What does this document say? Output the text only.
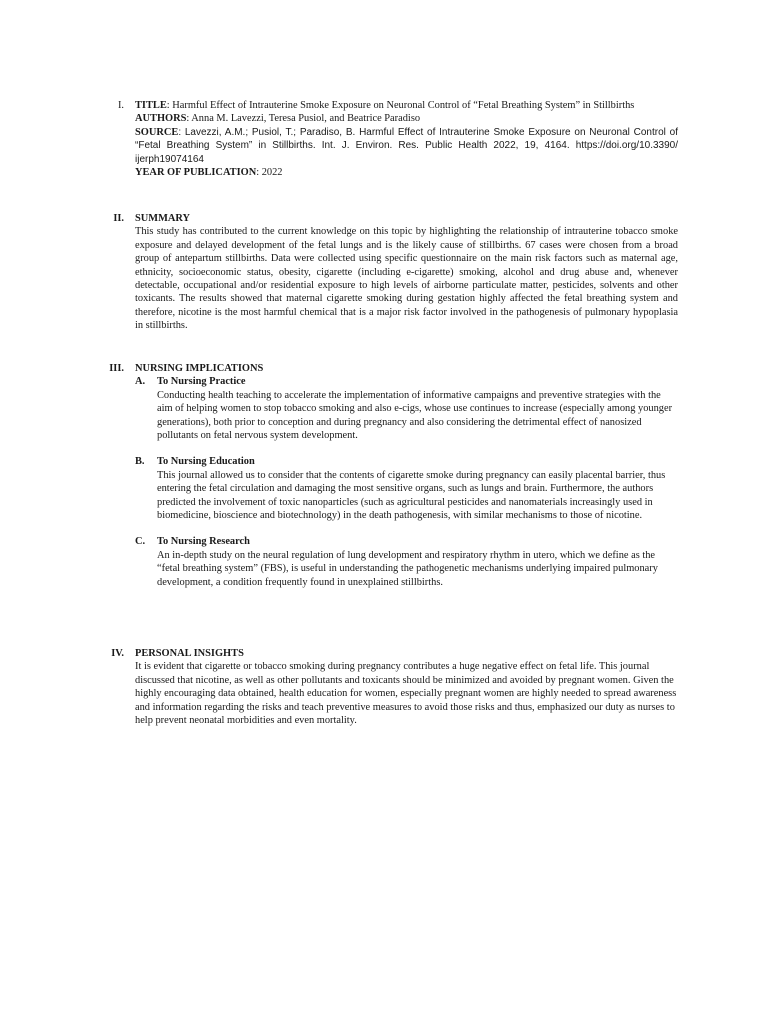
I. TITLE: Harmful Effect of Intrauterine Smoke Exposure on Neuronal Control of “Fetal Breathing System” in Stillbirths

AUTHORS: Anna M. Lavezzi, Teresa Pusiol, and Beatrice Paradiso

SOURCE: Lavezzi, A.M.; Pusiol, T.; Paradiso, B. Harmful Effect of Intrauterine Smoke Exposure on Neuronal Control of “Fetal Breathing System” in Stillbirths. Int. J. Environ. Res. Public Health 2022, 19, 4164. https://doi.org/10.3390/ ijerph19074164

YEAR OF PUBLICATION: 2022

II. SUMMARY

This study has contributed to the current knowledge on this topic by highlighting the relationship of intrauterine tobacco smoke exposure and delayed development of the fetal lungs and is the likely cause of stillbirths. 67 cases were chosen from a broad group of antepartum stillbirths. Data were collected using specific questionnaire on the main risk factors such as maternal age, ethnicity, socioeconomic status, obesity, cigarette (including e-cigarette) smoking, alcohol and drug abuse and, whenever detectable, occupational and/or residential exposure to high levels of airborne particulate matter, pesticides, solvents and other toxicants. The results showed that maternal cigarette smoking during gestation highly affected the fetal breathing system and therefore, nicotine is the most harmful chemical that is a major risk factor involved in the pathogenesis of pulmonary hypoplasia in stillbirths.

III. NURSING IMPLICATIONS

A.	To Nursing Practice

Conducting health teaching to accelerate the implementation of informative campaigns and preventive strategies with the aim of helping women to stop tobacco smoking and also e-cigs, whose use continues to increase (especially among younger generations), both prior to conception and during pregnancy and also considering the detrimental effect of nanosized pollutants on fetal nervous system development.

B.	To Nursing Education

This journal allowed us to consider that the contents of cigarette smoke during pregnancy can easily placental barrier, thus entering the fetal circulation and damaging the most sensitive organs, such as lungs and brain. Furthermore, the authors predicted the involvement of toxic nanoparticles (such as agricultural pesticides and nanomaterials increasingly used in biomedicine, bioscience and biotechnology) in the death pathogenesis, with similar mechanisms to those of nicotine.

C.	To Nursing Research

An in-depth study on the neural regulation of lung development and respiratory rhythm in utero, which we define as the “fetal breathing system” (FBS), is useful in understanding the pathogenetic mechanisms underlying impaired pulmonary development, a condition frequently found in unexplained stillbirths.

IV. PERSONAL INSIGHTS

It is evident that cigarette or tobacco smoking during pregnancy contributes a huge negative effect on fetal life. This journal discussed that nicotine, as well as other pollutants and toxicants should be minimized and avoided by pregnant women. Given the highly encouraging data obtained, health education for women, especially pregnant women are highly needed to spread awareness and information regarding the risks and teach preventive measures to avoid those risks and thus, emphasized our duty as nurses to help prevent neonatal morbidities and even mortality.
